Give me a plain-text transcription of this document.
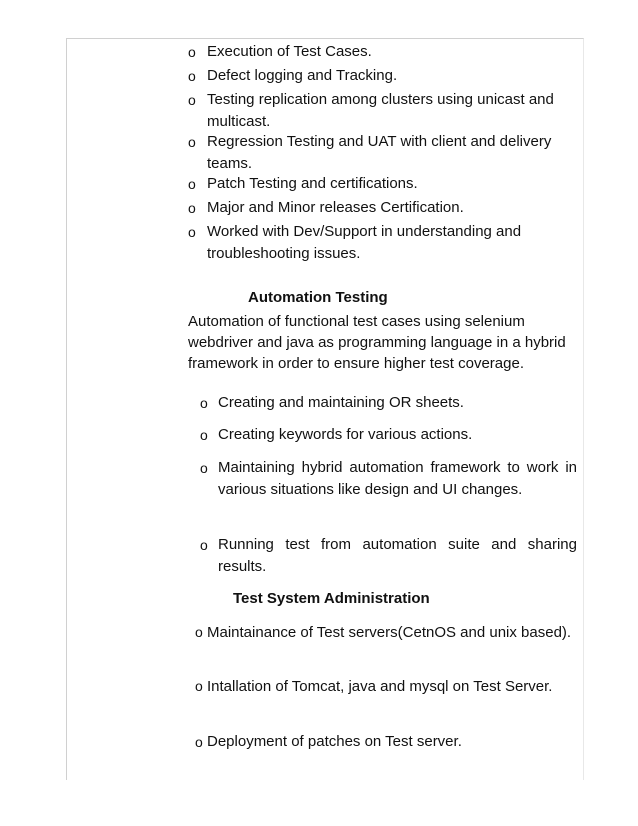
o Execution of Test Cases.
o Defect logging and Tracking.
o Testing replication among clusters using unicast and multicast.
o Regression Testing and UAT with client and delivery teams.
o Patch Testing and certifications.
o Major and Minor releases Certification.
o Worked with Dev/Support in understanding and troubleshooting issues.
Automation Testing
Automation of functional test cases using selenium webdriver and java as programming language in a hybrid framework in order to ensure higher test coverage.
o Creating and maintaining OR sheets.
o Creating keywords for various actions.
o Maintaining hybrid automation framework to work in various situations like design and UI changes.
o Running test from automation suite and sharing results.
Test System Administration
o Maintainance of Test servers(CetnOS and unix based).
o Intallation of Tomcat, java and mysql on Test Server.
o Deployment of patches on Test server.
